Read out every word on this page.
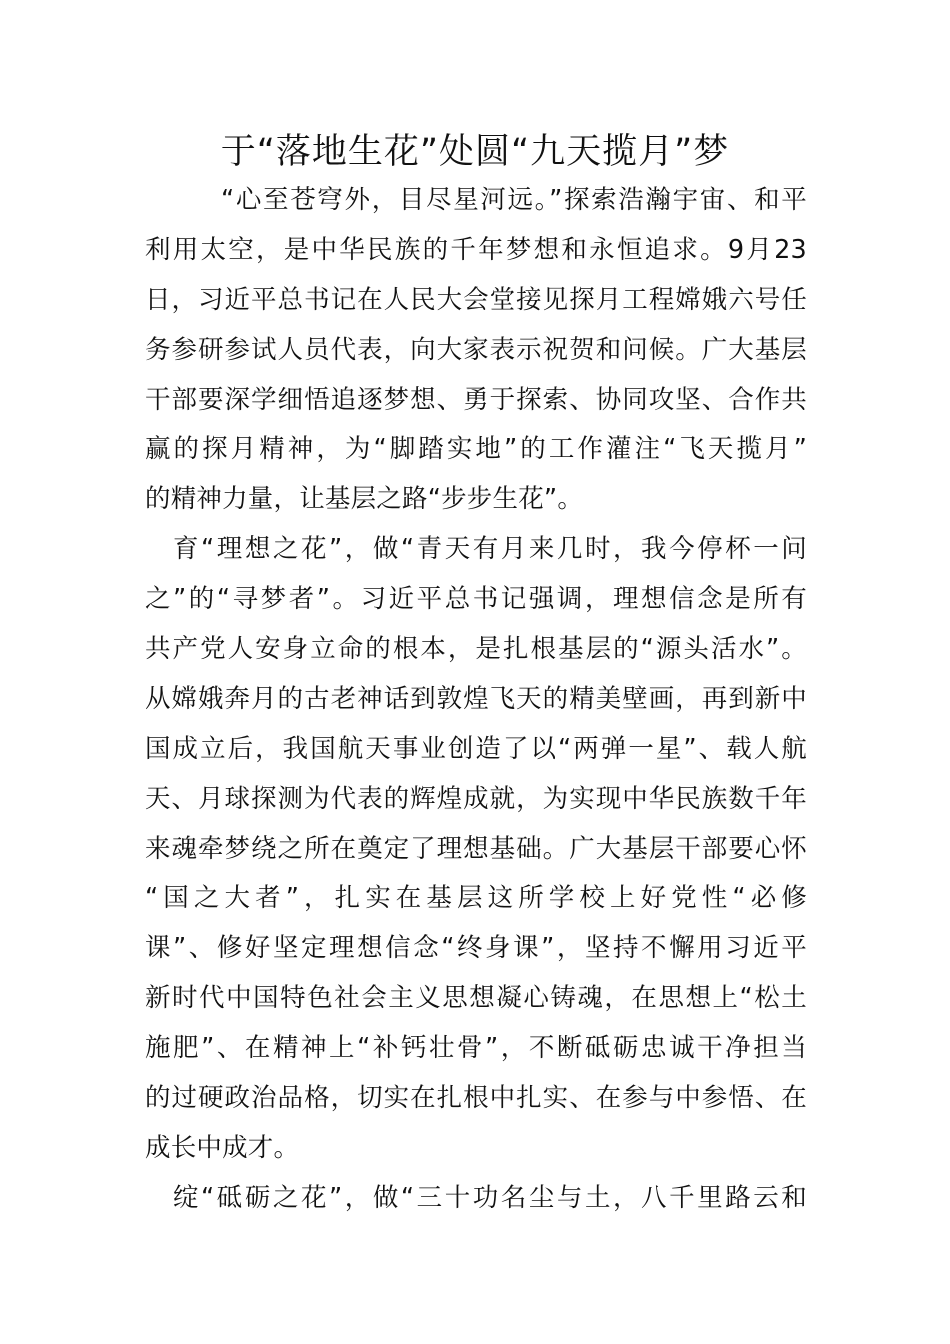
于“落地生花”处圆“九天揽月”梦
“心至苍穹外，目尽星河远。”探索浩瀚宇宙、和平
利用太空，是中华民族的千年梦想和永恒追求。9月23
日，习近平总书记在人民大会堂接见探月工程嫦娥六号任
务参研参试人员代表，向大家表示祝贺和问候。广大基层
干部要深学细悟追逐梦想、勇于探索、协同攻坚、合作共
赢的探月精神，为“脚踏实地”的工作灌注“飞天揽月”
的精神力量，让基层之路“步步生花”。
育“理想之花”，做“青天有月来几时，我今停杯一问
之”的“寻梦者”。习近平总书记强调，理想信念是所有
共产党人安身立命的根本，是扎根基层的“源头活水”。
从嫦娥奔月的古老神话到敦煌飞天的精美壁画，再到新中
国成立后，我国航天事业创造了以“两弹一星”、载人航
天、月球探测为代表的辉煌成就，为实现中华民族数千年
来魂牵梦绕之所在奠定了理想基础。广大基层干部要心怀
“国之大者”，扎实在基层这所学校上好党性“必修
课”、修好坚定理想信念“终身课”，坚持不懈用习近平
新时代中国特色社会主义思想凝心铸魂，在思想上“松土
施肥”、在精神上“补钙壮骨”，不断砥砺忠诚干净担当
的过硬政治品格，切实在扎根中扎实、在参与中参悟、在
成长中成才。
绽“砥砺之花”，做“三十功名尘与土，八千里路云和
